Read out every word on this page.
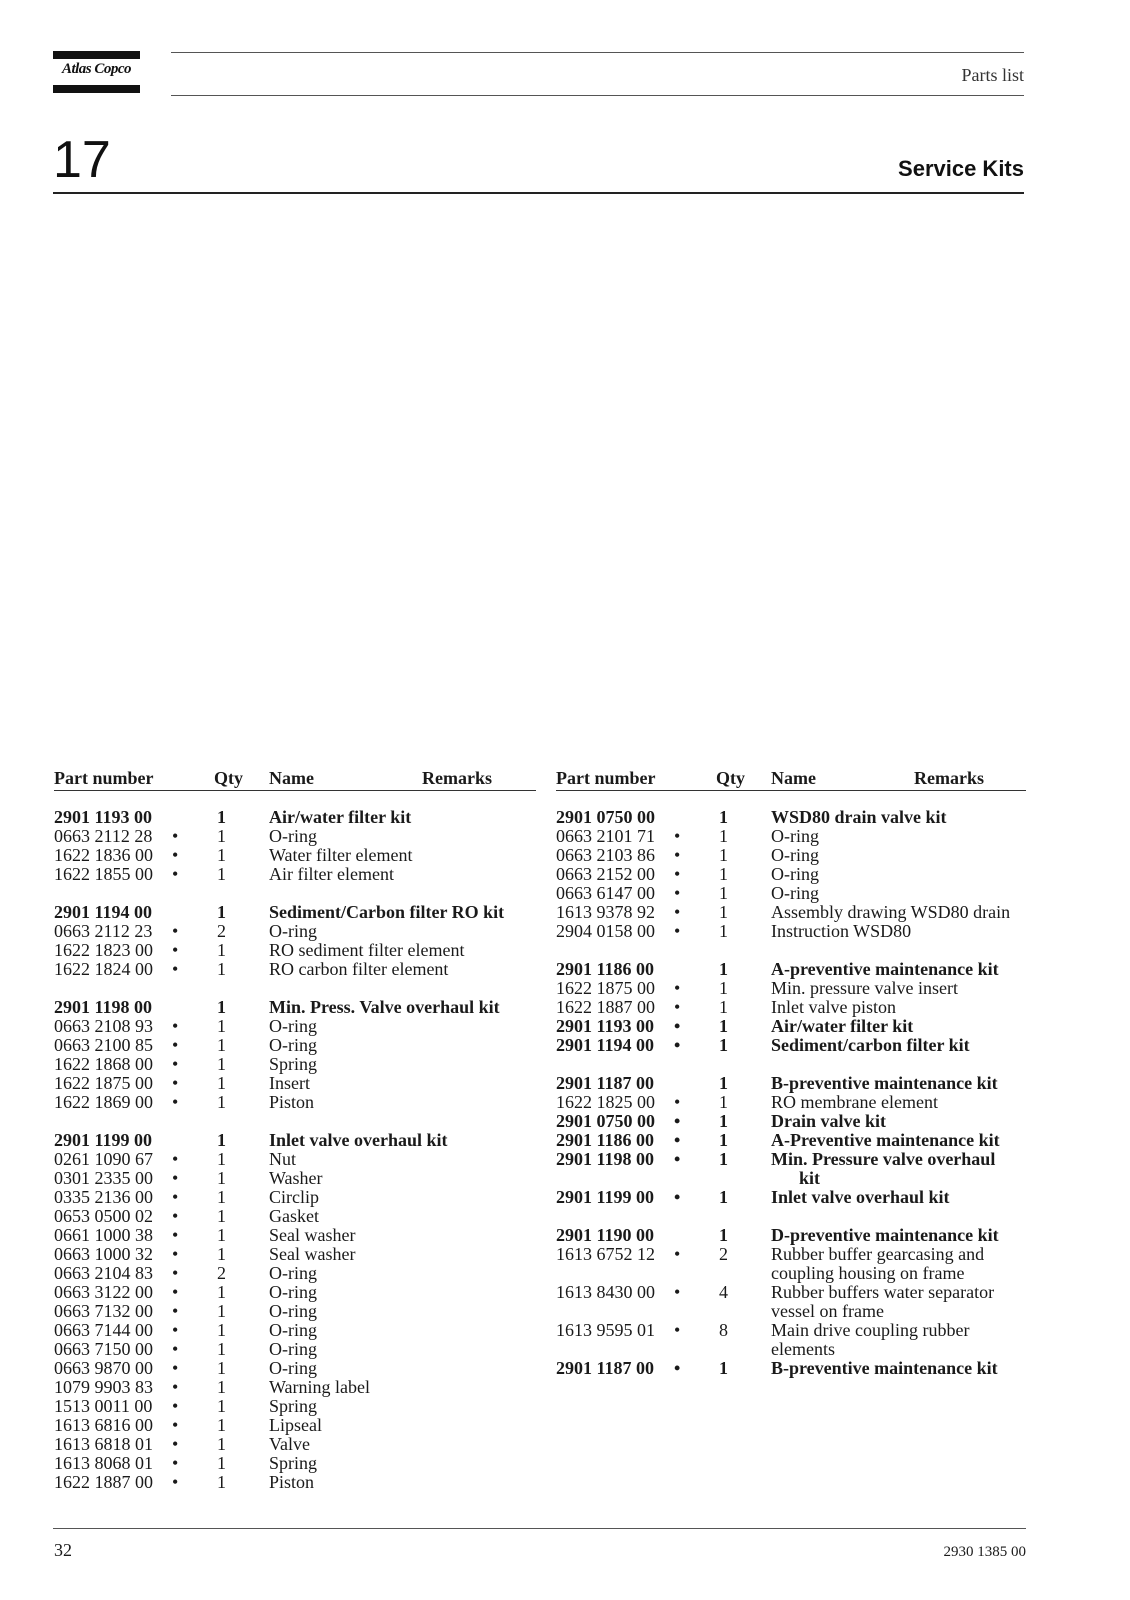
Atlas Copco	Parts list
17	Service Kits
Part number	Qty Name	Remarks
2901 1193 00	1 Air/water filter kit
0663 2112 28 • 1 O-ring
1622 1836 00 • 1 Water filter element
1622 1855 00 • 1 Air filter element
2901 1194 00	1 Sediment/Carbon filter RO kit
0663 2112 23 • 2 O-ring
1622 1823 00 • 1 RO sediment filter element
1622 1824 00 • 1 RO carbon filter element
2901 1198 00	1 Min. Press. Valve overhaul kit
0663 2108 93 • 1 O-ring
0663 2100 85 • 1 O-ring
1622 1868 00 • 1 Spring
1622 1875 00 • 1 Insert
1622 1869 00 • 1 Piston
2901 1199 00	1 Inlet valve overhaul kit
0261 1090 67 • 1 Nut
0301 2335 00 • 1 Washer
0335 2136 00 • 1 Circlip
0653 0500 02 • 1 Gasket
0661 1000 38 • 1 Seal washer
0663 1000 32 • 1 Seal washer
0663 2104 83 • 2 O-ring
0663 3122 00 • 1 O-ring
0663 7132 00 • 1 O-ring
0663 7144 00 • 1 O-ring
0663 7150 00 • 1 O-ring
0663 9870 00 • 1 O-ring
1079 9903 83 • 1 Warning label
1513 0011 00 • 1 Spring
1613 6816 00 • 1 Lipseal
1613 6818 01 • 1 Valve
1613 8068 01 • 1 Spring
1622 1887 00 • 1 Piston
Part number	Qty Name	Remarks
2901 0750 00	1 WSD80 drain valve kit
0663 2101 71 • 1 O-ring
0663 2103 86 • 1 O-ring
0663 2152 00 • 1 O-ring
0663 6147 00 • 1 O-ring
1613 9378 92 • 1 Assembly drawing WSD80 drain
2904 0158 00 • 1 Instruction WSD80
2901 1186 00	1 A-preventive maintenance kit
1622 1875 00 • 1 Min. pressure valve insert
1622 1887 00 • 1 Inlet valve piston
2901 1193 00 • 1 Air/water filter kit
2901 1194 00 • 1 Sediment/carbon filter kit
2901 1187 00	1 B-preventive maintenance kit
1622 1825 00 • 1 RO membrane element
2901 0750 00 • 1 Drain valve kit
2901 1186 00 • 1 A-Preventive maintenance kit
2901 1198 00 • 1 Min. Pressure valve overhaul
kit
2901 1199 00 • 1 Inlet valve overhaul kit
2901 1190 00	1 D-preventive maintenance kit
1613 6752 12 • 2 Rubber buffer gearcasing and
coupling housing on frame
1613 8430 00 • 4 Rubber buffers water separator
vessel on frame
1613 9595 01 • 8 Main drive coupling rubber
elements
2901 1187 00 • 1 B-preventive maintenance kit
32	2930 1385 00
